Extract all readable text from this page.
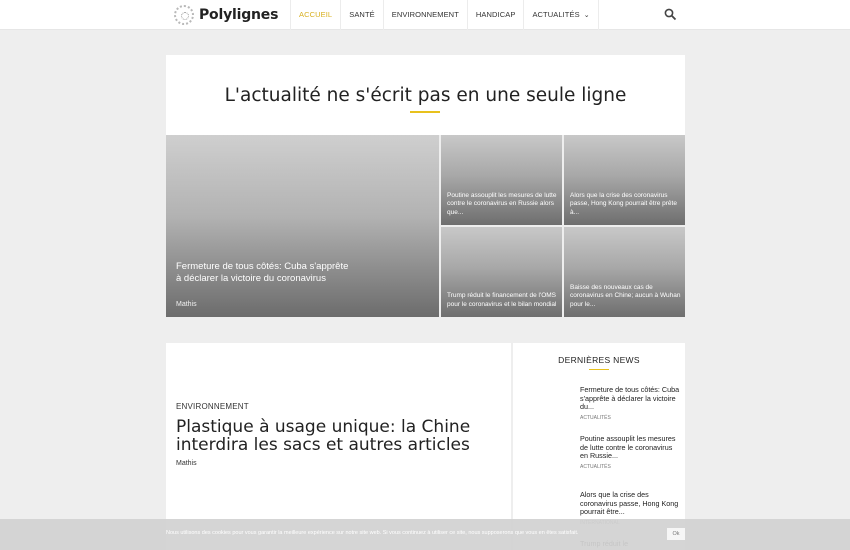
Polylignes	ACCUEIL	SANTÉ	ENVIRONNEMENT	HANDICAP	ACTUALITÉS ⌄
L'actualité ne s'écrit pas en une seule ligne
Fermeture de tous côtés: Cuba s'apprête à déclarer la victoire du coronavirus
Mathis
Poutine assouplit les mesures de lutte contre le coronavirus en Russie alors que...
Alors que la crise des coronavirus passe, Hong Kong pourrait être prête à...
Trump réduit le financement de l'OMS pour le coronavirus et le bilan mondial
Baisse des nouveaux cas de coronavirus en Chine; aucun à Wuhan pour le...
ENVIRONNEMENT
Plastique à usage unique: la Chine interdira les sacs et autres articles
Mathis
DERNIÈRES NEWS
Fermeture de tous côtés: Cuba s'apprête à déclarer la victoire du...
ACTUALITÉS
Poutine assouplit les mesures de lutte contre le coronavirus en Russie...
ACTUALITÉS
Alors que la crise des coronavirus passe, Hong Kong pourrait être...
Nous utilisons des cookies pour vous garantir la meilleure expérience sur notre site web. Si vous continuez à utiliser ce site, nous supposerons que vous en êtes satisfait.	Ok
